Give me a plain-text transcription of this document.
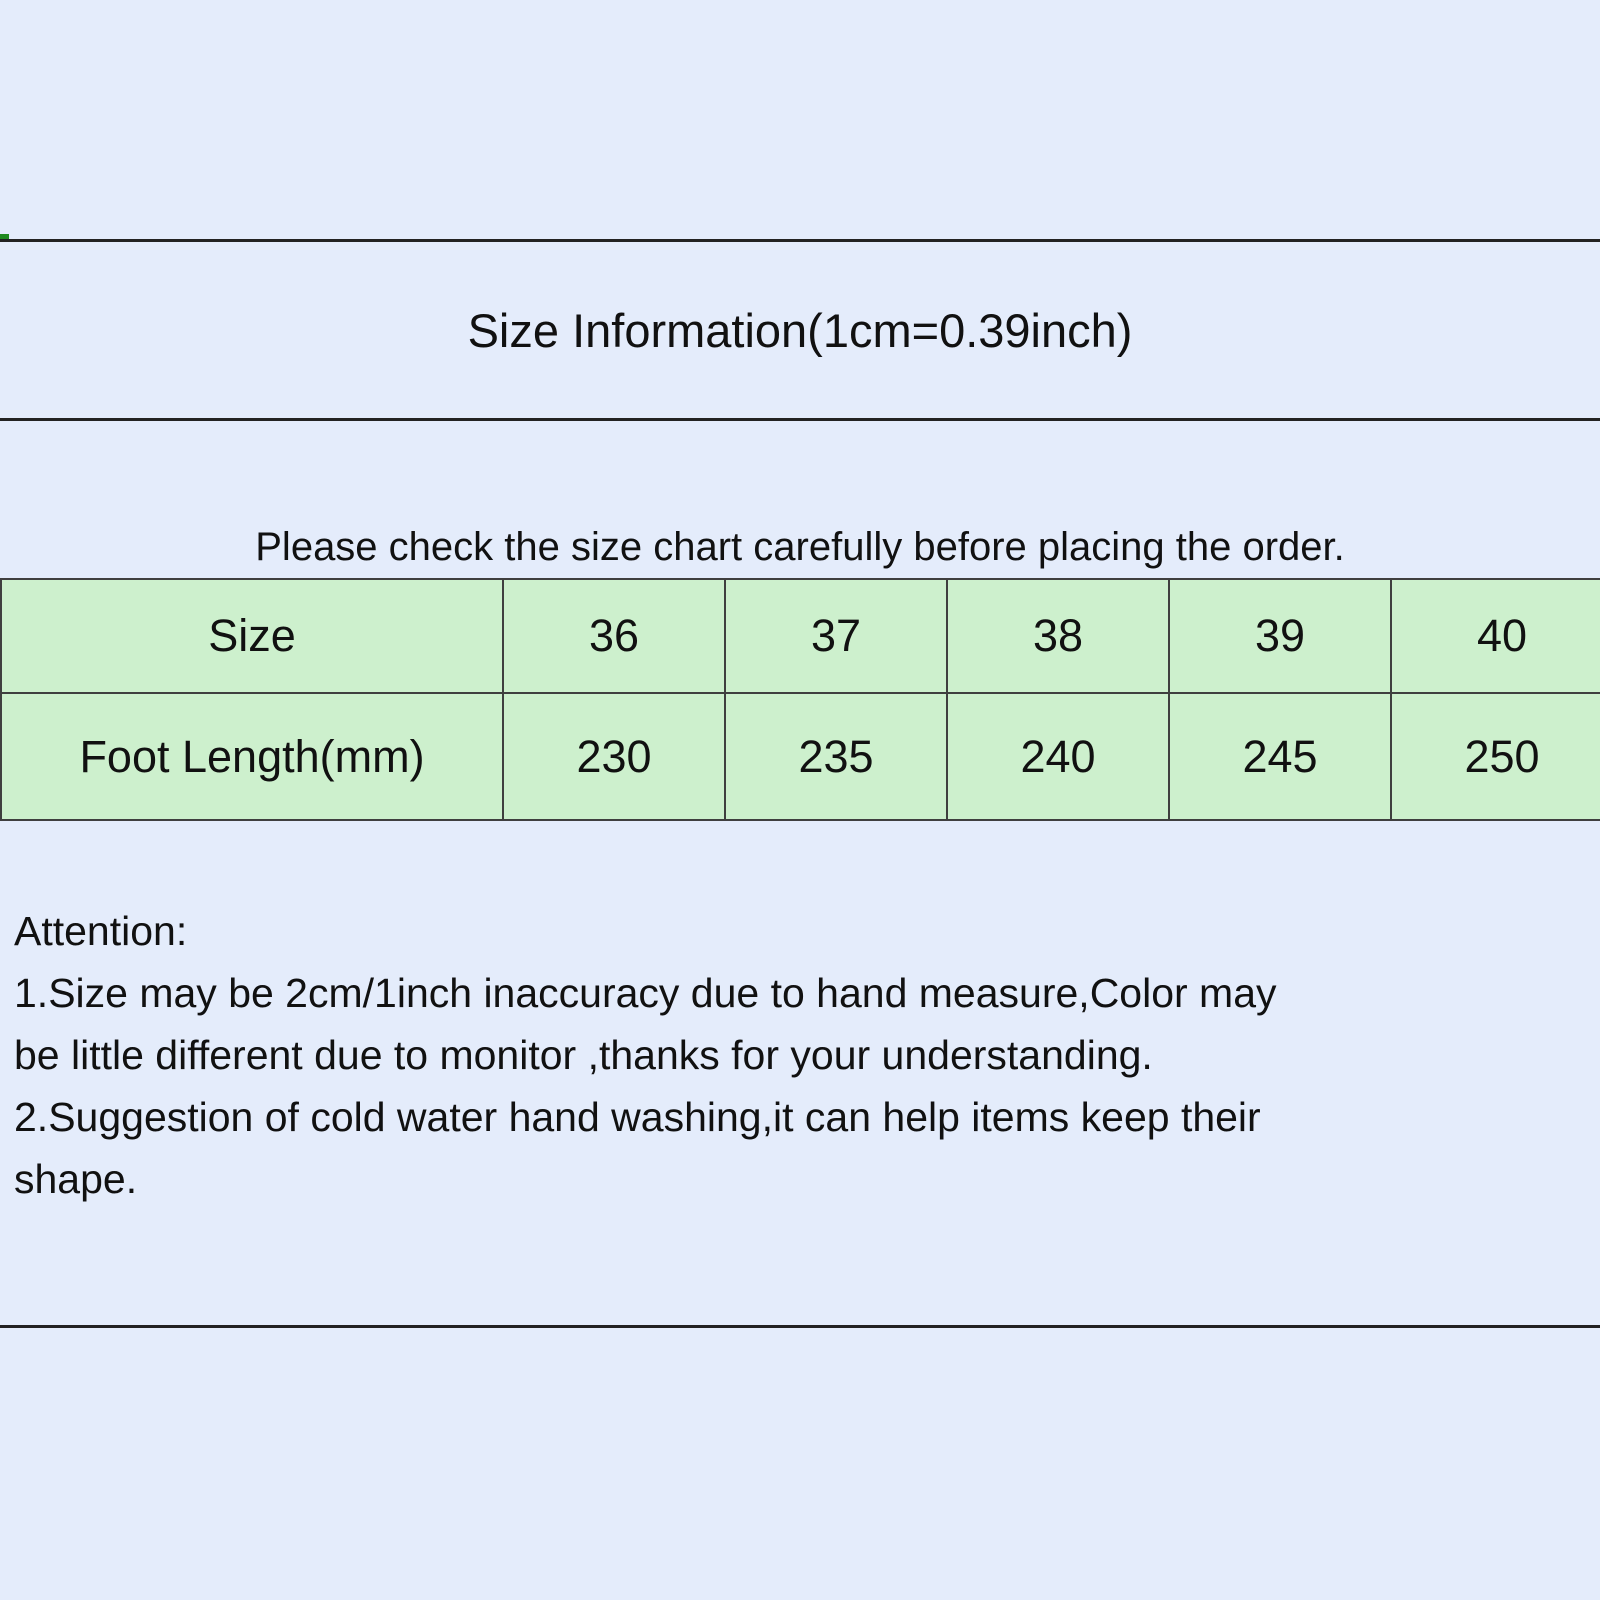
Size Information(1cm=0.39inch)
Please check the size chart carefully before placing the order.
Size	36	37	38	39	40
Foot Length(mm)	230	235	240	245	250
Attention:
1.Size may be 2cm/1inch inaccuracy due to hand measure,Color may
be little different due to monitor ,thanks for your understanding.
2.Suggestion of cold water hand washing,it can help items keep their
shape.
